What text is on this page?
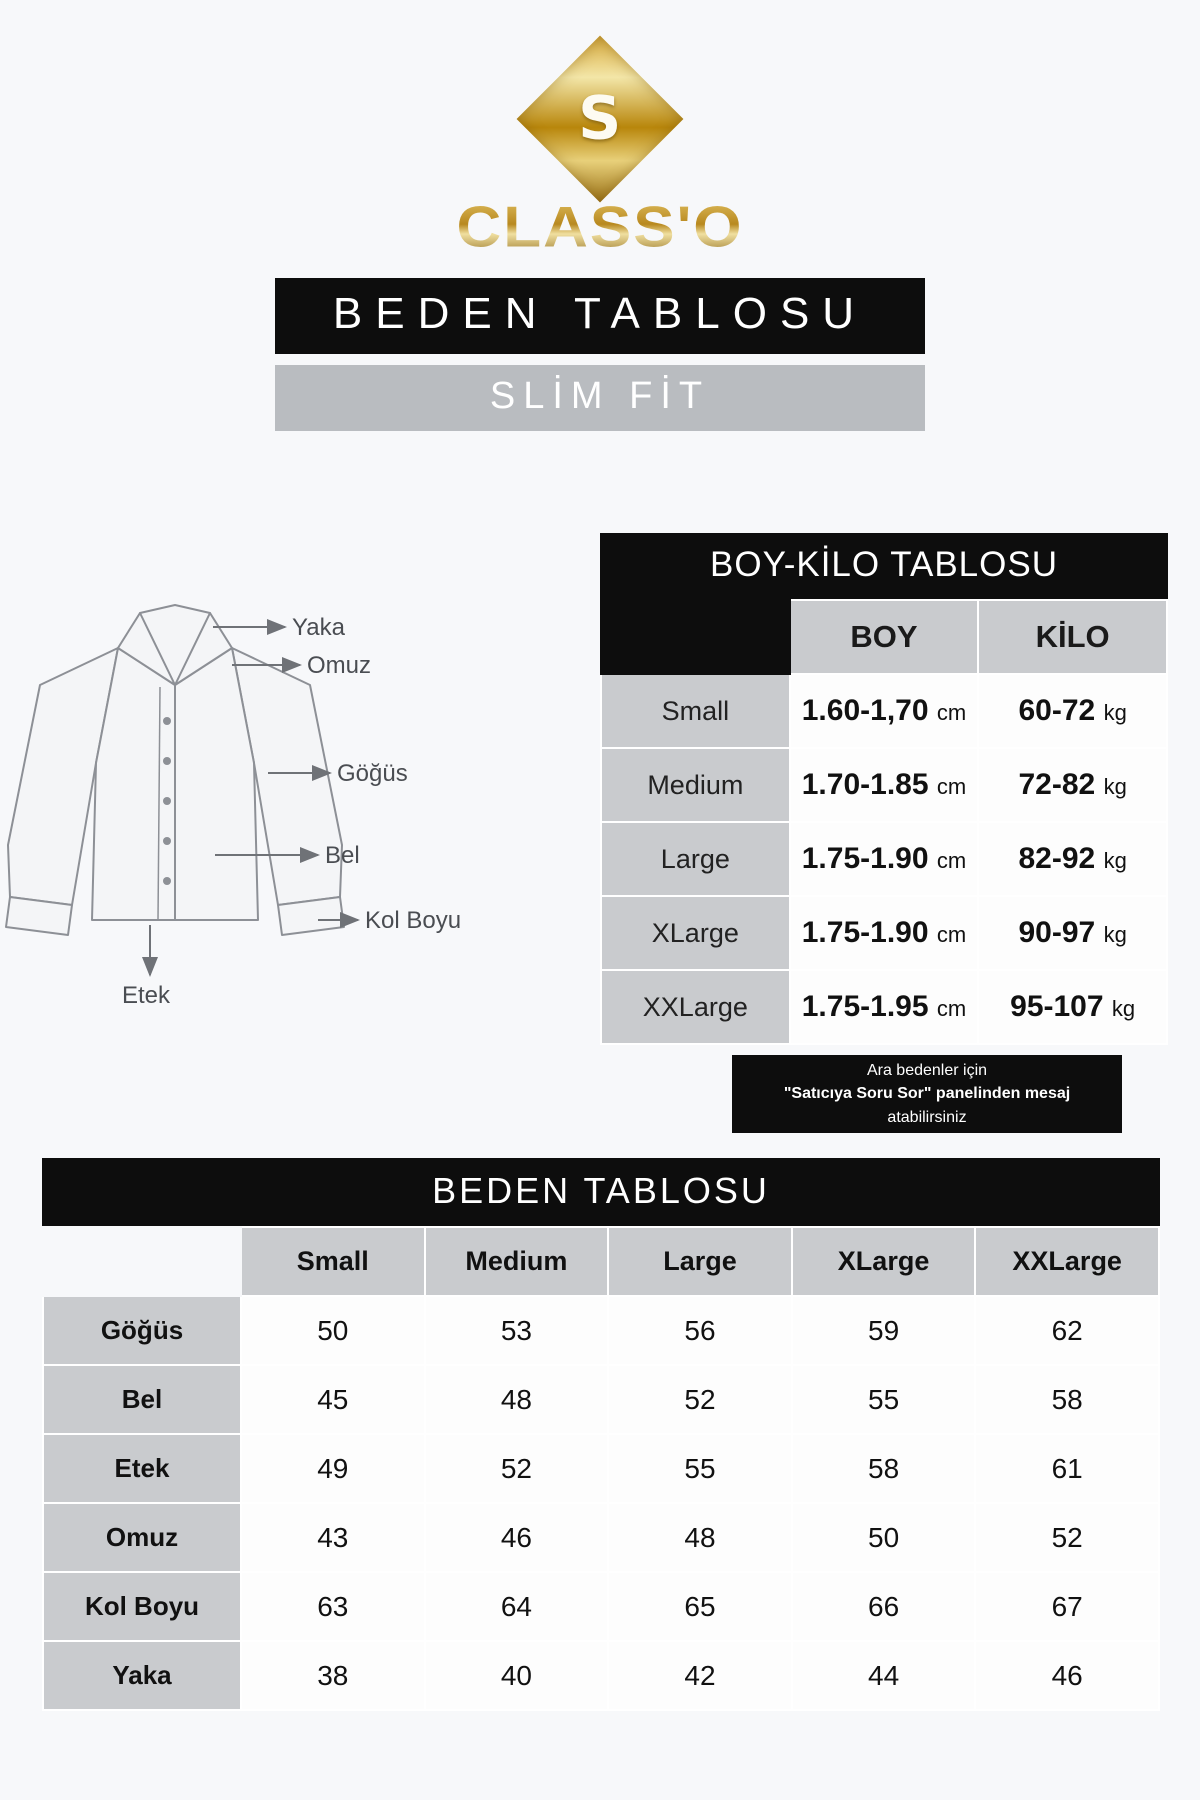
S
CLASS'O
BEDEN TABLOSU
SLİM FİT
Yaka
Omuz
Göğüs
Bel
Kol Boyu
Etek
BOY-KİLO TABLOSU
	BOY	KİLO
Small	1.60-1,70 cm	60-72 kg
Medium	1.70-1.85 cm	72-82 kg
Large	1.75-1.90 cm	82-92 kg
XLarge	1.75-1.90 cm	90-97 kg
XXLarge	1.75-1.95 cm	95-107 kg
Ara bedenler için
"Satıcıya Soru Sor" panelinden mesaj
atabilirsiniz
BEDEN TABLOSU
	Small	Medium	Large	XLarge	XXLarge
Göğüs	50	53	56	59	62
Bel	45	48	52	55	58
Etek	49	52	55	58	61
Omuz	43	46	48	50	52
Kol Boyu	63	64	65	66	67
Yaka	38	40	42	44	46
